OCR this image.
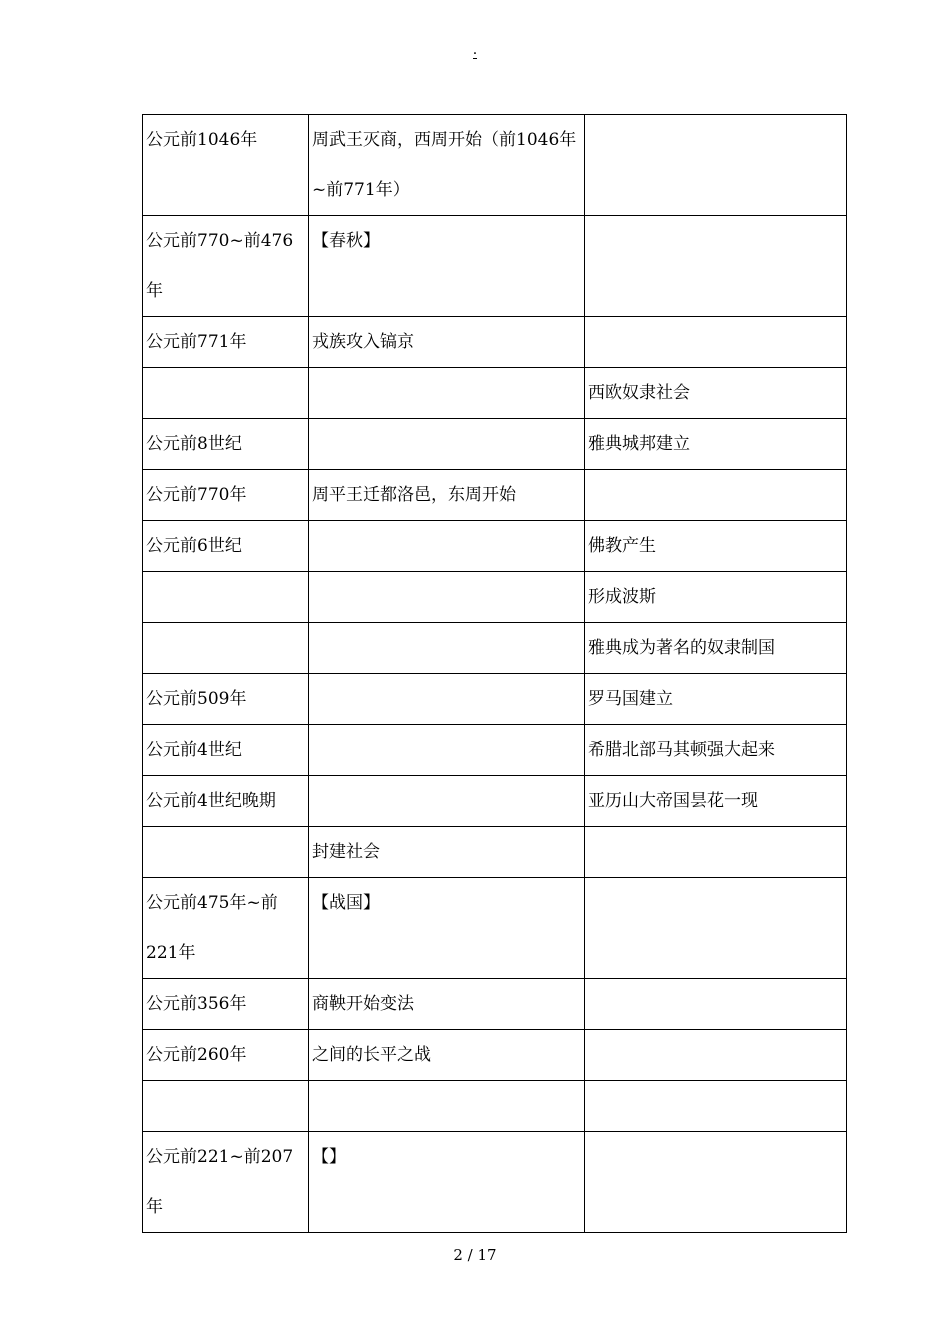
.
公元前1046年	周武王灭商，西周开始（前1046年~前771年）	

公元前770~前476年	【春秋】	

公元前771年	戎族攻入镐京	

		西欧奴隶社会

公元前8世纪		雅典城邦建立

公元前770年	周平王迁都洛邑，东周开始	

公元前6世纪		佛教产生

		形成波斯

		雅典成为著名的奴隶制国

公元前509年		罗马国建立

公元前4世纪		希腊北部马其顿强大起来

公元前4世纪晚期		亚历山大帝国昙花一现

	封建社会	

公元前475年~前221年	【战国】	

公元前356年	商鞅开始变法	

公元前260年	之间的长平之战	

公元前221~前207年	【】	

2 / 17
